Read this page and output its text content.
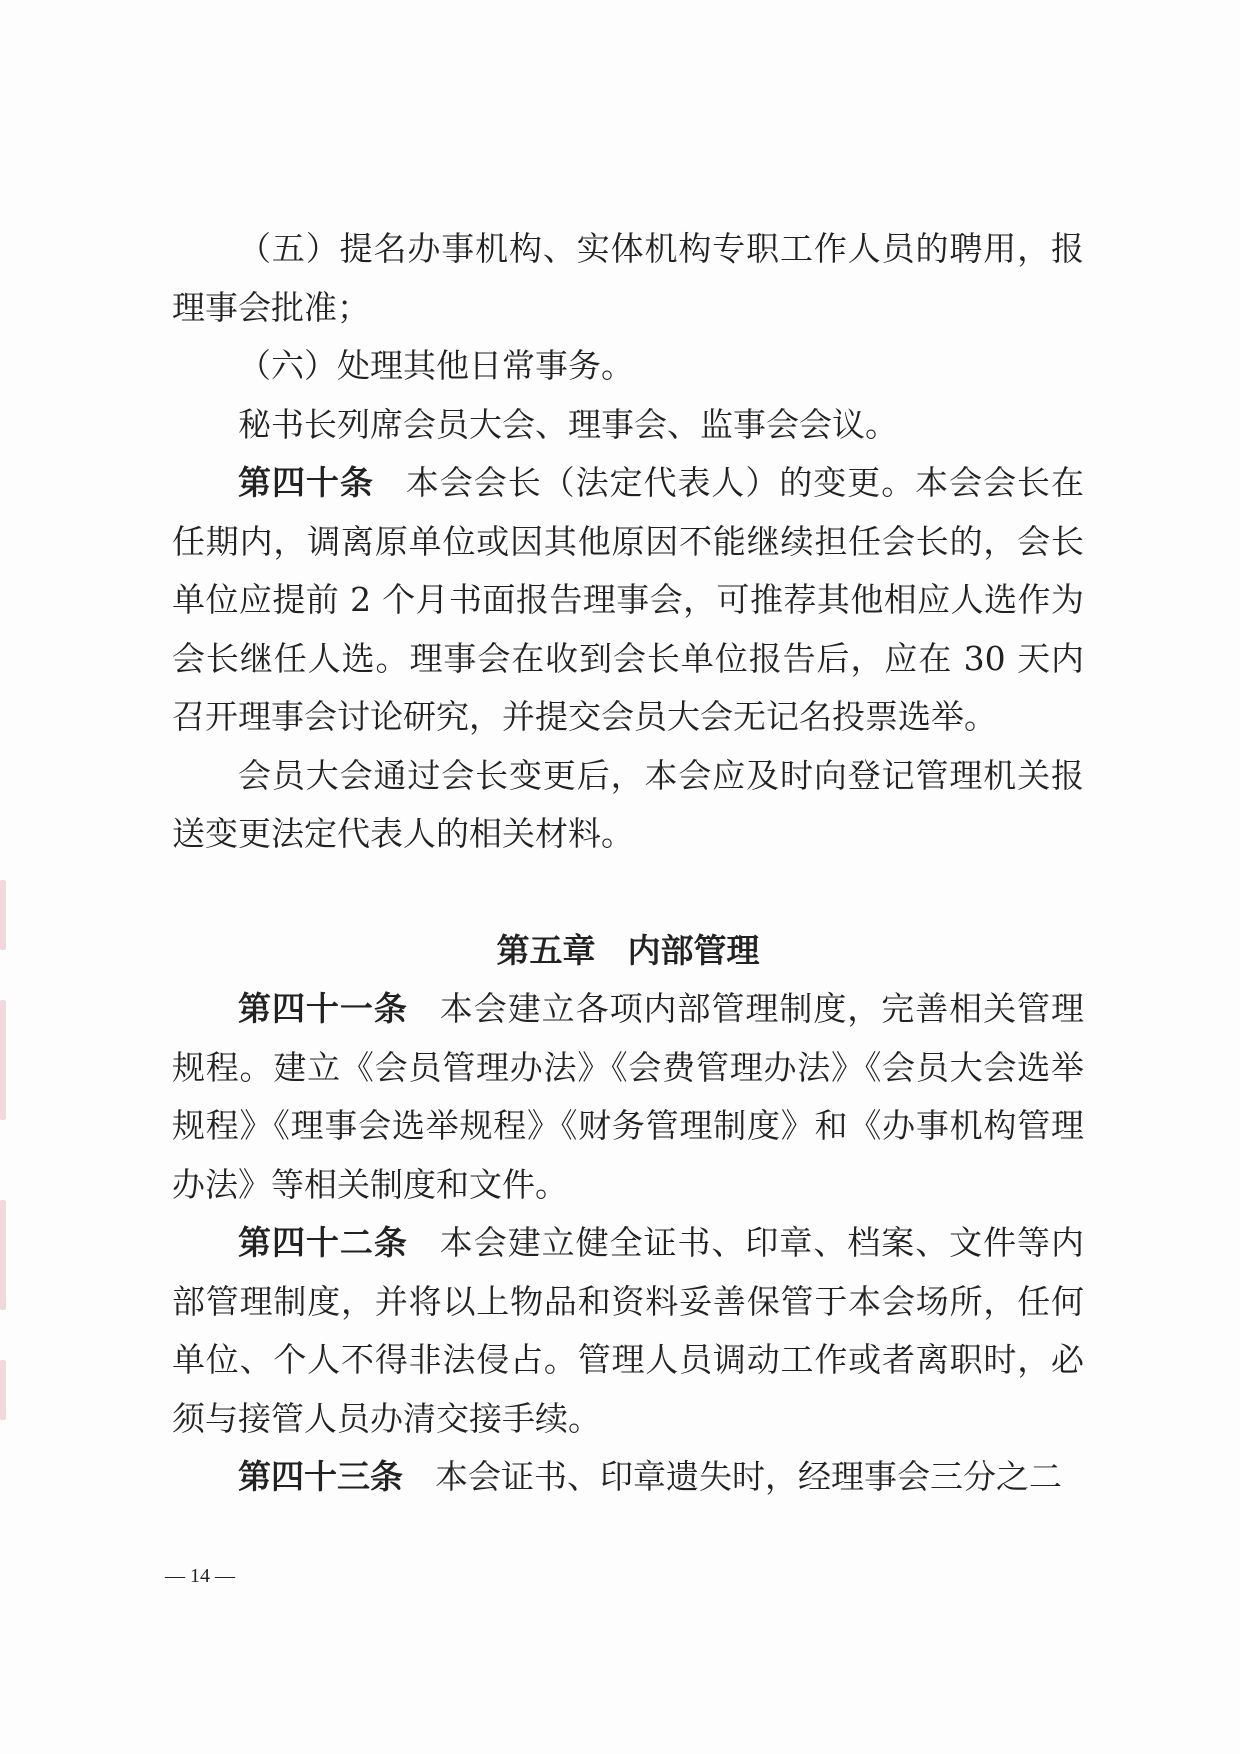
（五）提名办事机构、实体机构专职工作人员的聘用，报理事会批准；

（六）处理其他日常事务。

秘书长列席会员大会、理事会、监事会会议。

第四十条 本会会长（法定代表人）的变更。本会会长在任期内，调离原单位或因其他原因不能继续担任会长的，会长单位应提前 2 个月书面报告理事会，可推荐其他相应人选作为会长继任人选。理事会在收到会长单位报告后，应在 30 天内召开理事会讨论研究，并提交会员大会无记名投票选举。

会员大会通过会长变更后，本会应及时向登记管理机关报送变更法定代表人的相关材料。

第五章 内部管理

第四十一条 本会建立各项内部管理制度，完善相关管理规程。建立《会员管理办法》《会费管理办法》《会员大会选举规程》《理事会选举规程》《财务管理制度》和《办事机构管理办法》等相关制度和文件。

第四十二条 本会建立健全证书、印章、档案、文件等内部管理制度，并将以上物品和资料妥善保管于本会场所，任何单位、个人不得非法侵占。管理人员调动工作或者离职时，必须与接管人员办清交接手续。

第四十三条 本会证书、印章遗失时，经理事会三分之二

— 14 —
